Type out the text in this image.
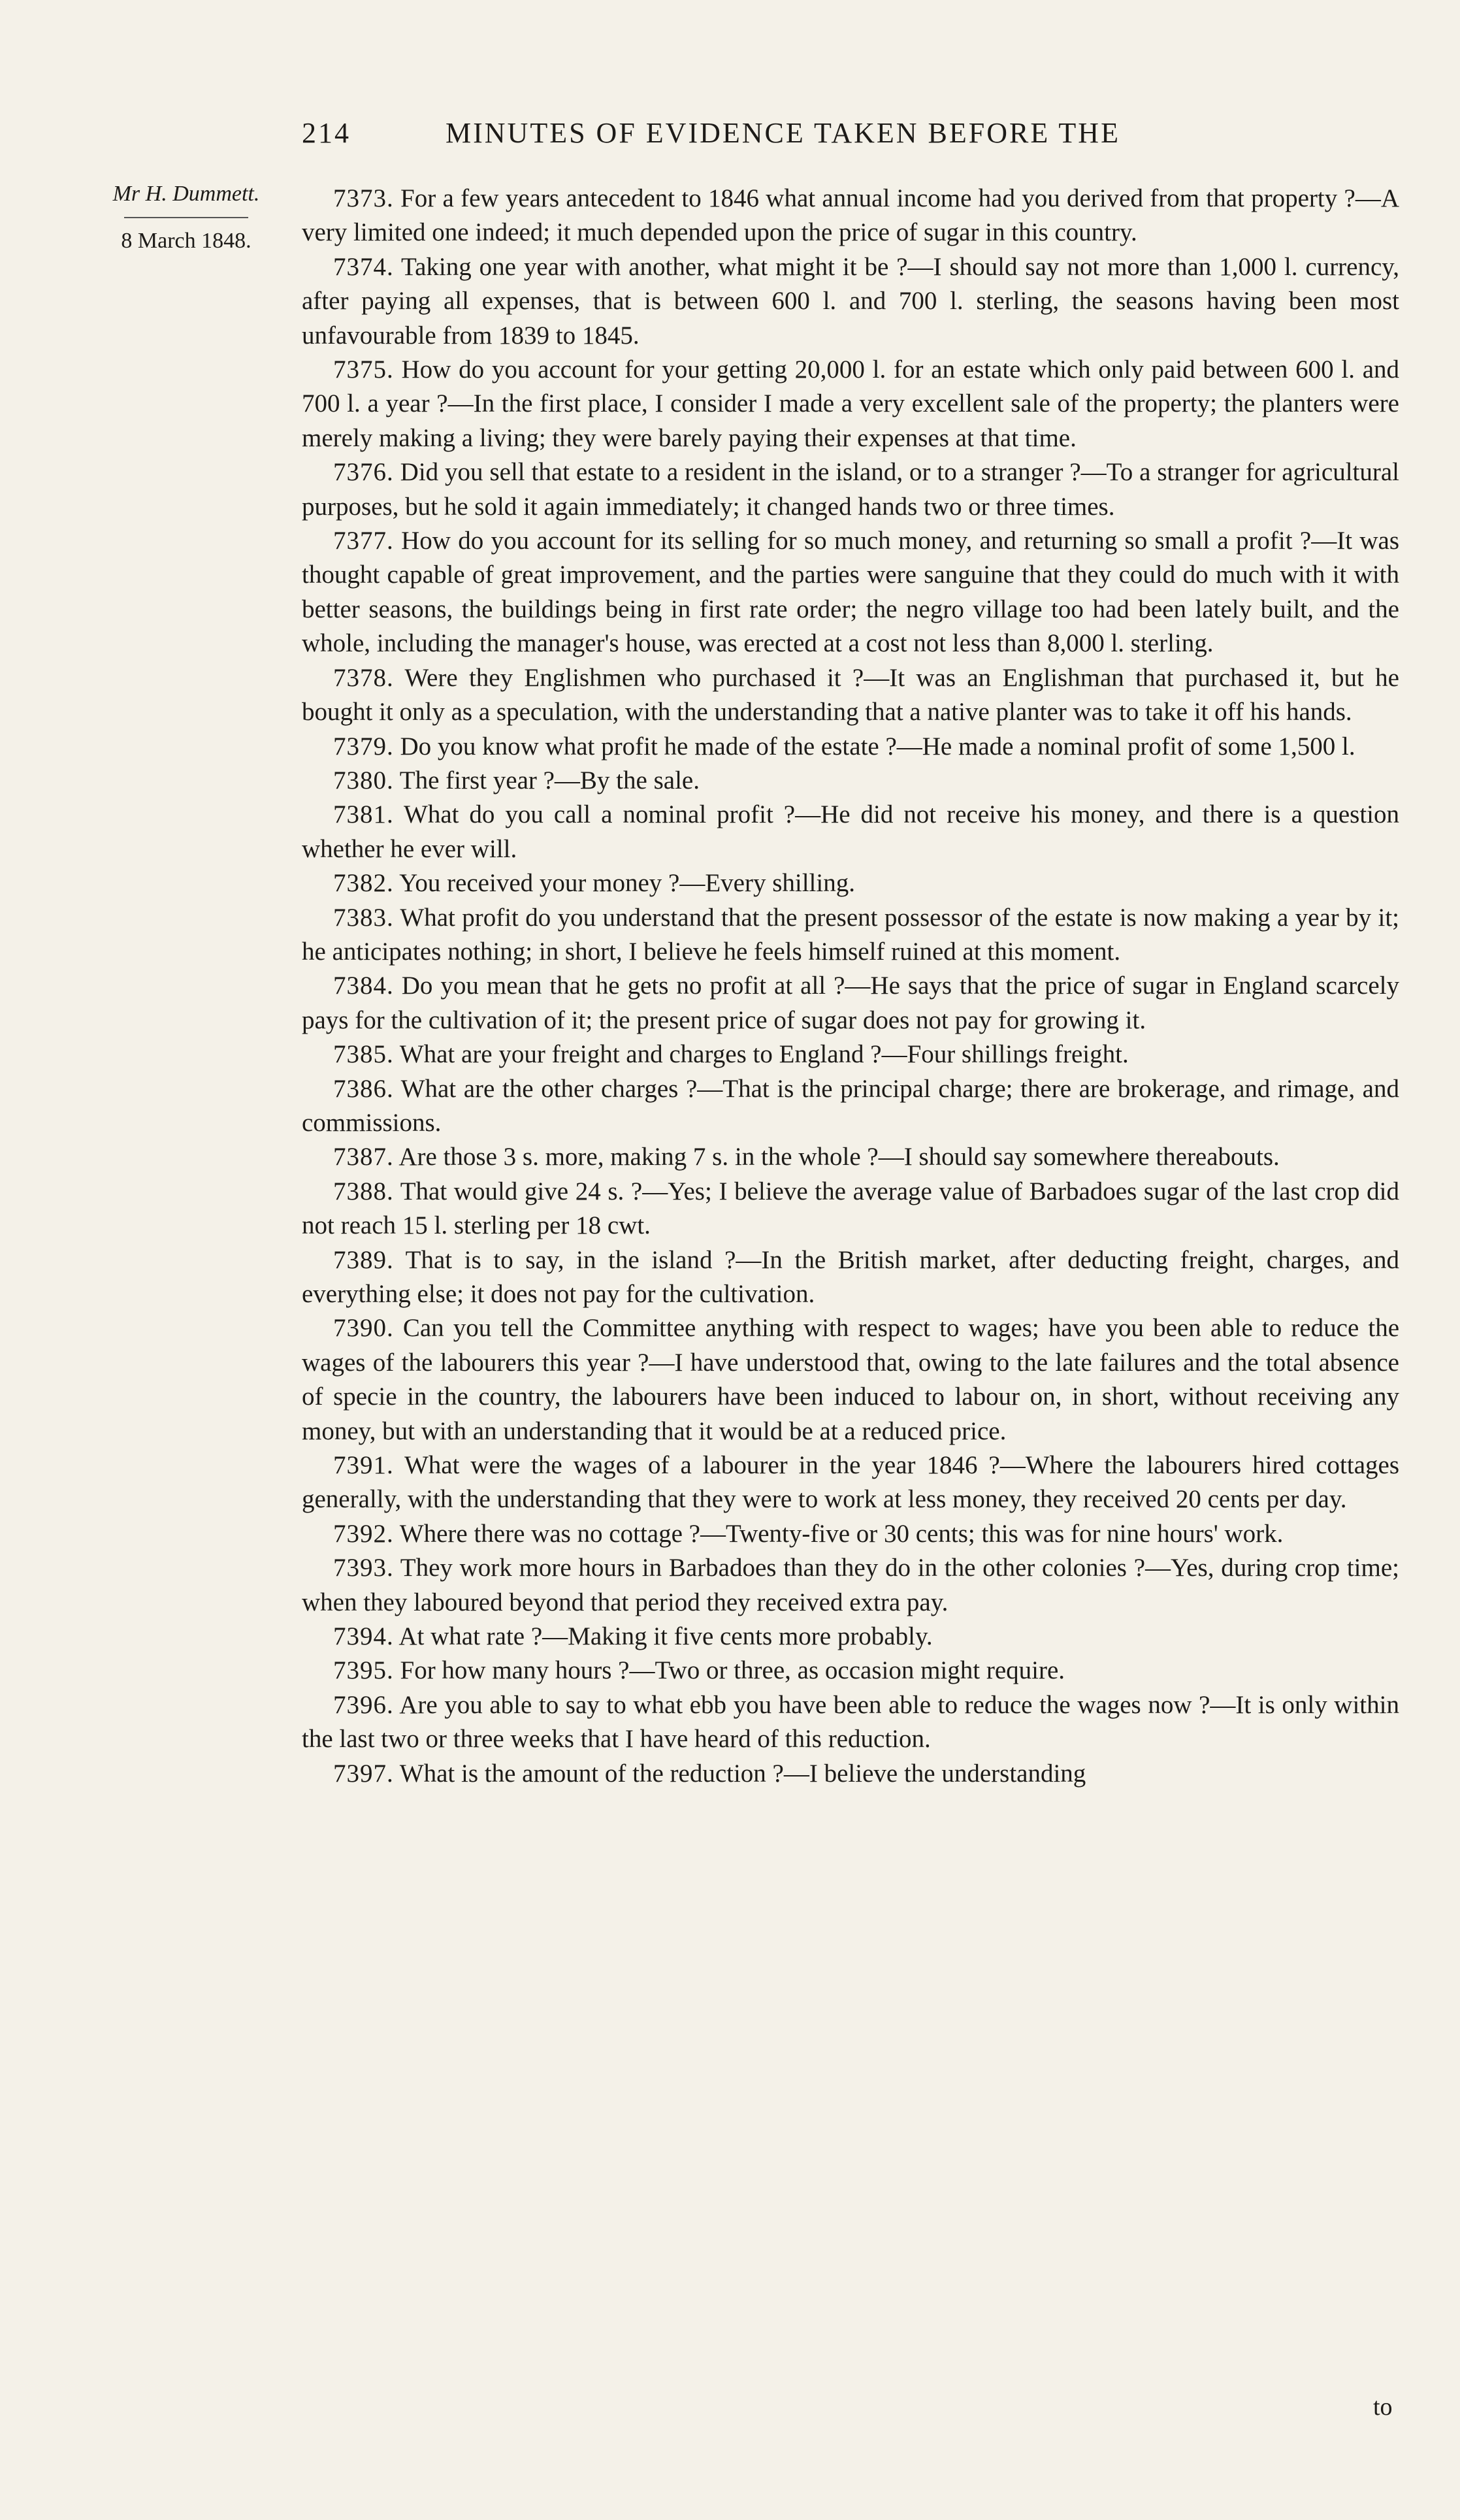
214	MINUTES OF EVIDENCE TAKEN BEFORE THE
Mr H. Dummett.
8 March 1848.

7373. For a few years antecedent to 1846 what annual income had you derived from that property ?—A very limited one indeed; it much depended upon the price of sugar in this country.

7374. Taking one year with another, what might it be ?—I should say not more than 1,000 l. currency, after paying all expenses, that is between 600 l. and 700 l. sterling, the seasons having been most unfavourable from 1839 to 1845.

7375. How do you account for your getting 20,000 l. for an estate which only paid between 600 l. and 700 l. a year ?—In the first place, I consider I made a very excellent sale of the property; the planters were merely making a living; they were barely paying their expenses at that time.

7376. Did you sell that estate to a resident in the island, or to a stranger ?—To a stranger for agricultural purposes, but he sold it again immediately; it changed hands two or three times.

7377. How do you account for its selling for so much money, and returning so small a profit ?—It was thought capable of great improvement, and the parties were sanguine that they could do much with it with better seasons, the buildings being in first rate order; the negro village too had been lately built, and the whole, including the manager's house, was erected at a cost not less than 8,000 l. sterling.

7378. Were they Englishmen who purchased it ?—It was an Englishman that purchased it, but he bought it only as a speculation, with the understanding that a native planter was to take it off his hands.

7379. Do you know what profit he made of the estate ?—He made a nominal profit of some 1,500 l.

7380. The first year ?—By the sale.

7381. What do you call a nominal profit ?—He did not receive his money, and there is a question whether he ever will.

7382. You received your money ?—Every shilling.

7383. What profit do you understand that the present possessor of the estate is now making a year by it; he anticipates nothing; in short, I believe he feels himself ruined at this moment.

7384. Do you mean that he gets no profit at all ?—He says that the price of sugar in England scarcely pays for the cultivation of it; the present price of sugar does not pay for growing it.

7385. What are your freight and charges to England ?—Four shillings freight.

7386. What are the other charges ?—That is the principal charge; there are brokerage, and rimage, and commissions.

7387. Are those 3 s. more, making 7 s. in the whole ?—I should say somewhere thereabouts.

7388. That would give 24 s. ?—Yes; I believe the average value of Barbadoes sugar of the last crop did not reach 15 l. sterling per 18 cwt.

7389. That is to say, in the island ?—In the British market, after deducting freight, charges, and everything else; it does not pay for the cultivation.

7390. Can you tell the Committee anything with respect to wages; have you been able to reduce the wages of the labourers this year ?—I have understood that, owing to the late failures and the total absence of specie in the country, the labourers have been induced to labour on, in short, without receiving any money, but with an understanding that it would be at a reduced price.

7391. What were the wages of a labourer in the year 1846 ?—Where the labourers hired cottages generally, with the understanding that they were to work at less money, they received 20 cents per day.

7392. Where there was no cottage ?—Twenty-five or 30 cents; this was for nine hours' work.

7393. They work more hours in Barbadoes than they do in the other colonies ?—Yes, during crop time; when they laboured beyond that period they received extra pay.

7394. At what rate ?—Making it five cents more probably.

7395. For how many hours ?—Two or three, as occasion might require.

7396. Are you able to say to what ebb you have been able to reduce the wages now ?—It is only within the last two or three weeks that I have heard of this reduction.

7397. What is the amount of the reduction ?—I believe the understanding

to
